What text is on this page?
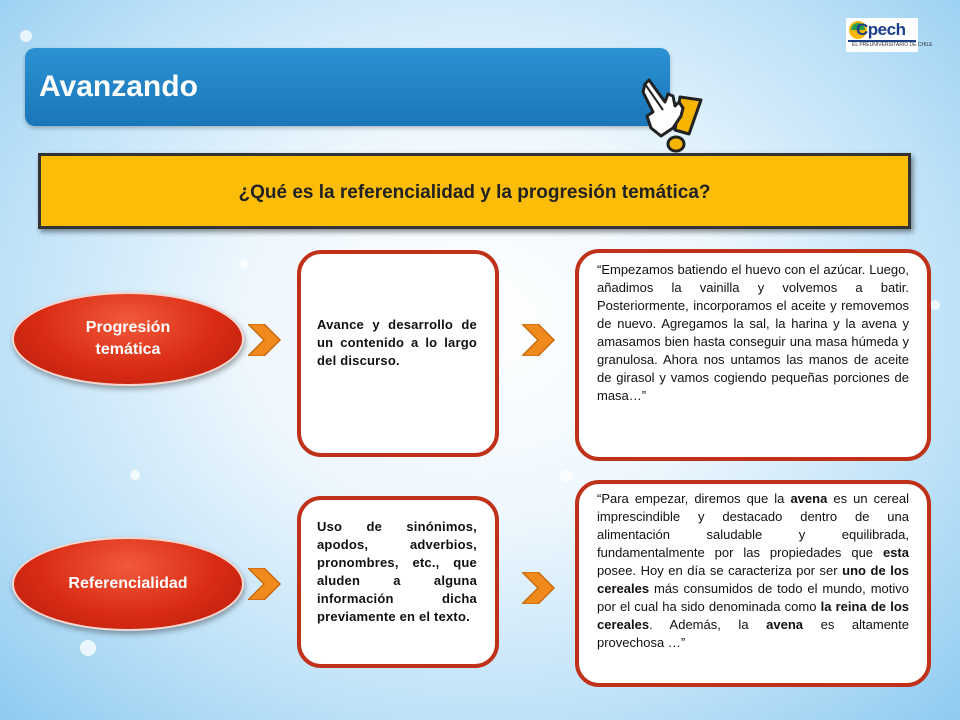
Avanzando
Cpech
EL PREUNIVERSITARIO DE CHILE
¿Qué es la referencialidad y la progresión temática?
Progresión
temática
Avance y desarrollo de un contenido a lo largo del discurso.
“Empezamos batiendo el huevo con el azúcar. Luego, añadimos la vainilla y volvemos a batir. Posteriormente, incorporamos el aceite y removemos de nuevo. Agregamos la sal, la harina y la avena y amasamos bien hasta conseguir una masa húmeda y granulosa. Ahora nos untamos las manos de aceite de girasol y vamos cogiendo pequeñas porciones de masa…”
Referencialidad
Uso de sinónimos, apodos, adverbios, pronombres, etc., que aluden a alguna información dicha previamente en el texto.
“Para empezar, diremos que la avena es un cereal imprescindible y destacado dentro de una alimentación saludable y equilibrada, fundamentalmente por las propiedades que esta posee. Hoy en día se caracteriza por ser uno de los cereales más consumidos de todo el mundo, motivo por el cual ha sido denominada como la reina de los cereales. Además, la avena es altamente provechosa …”
